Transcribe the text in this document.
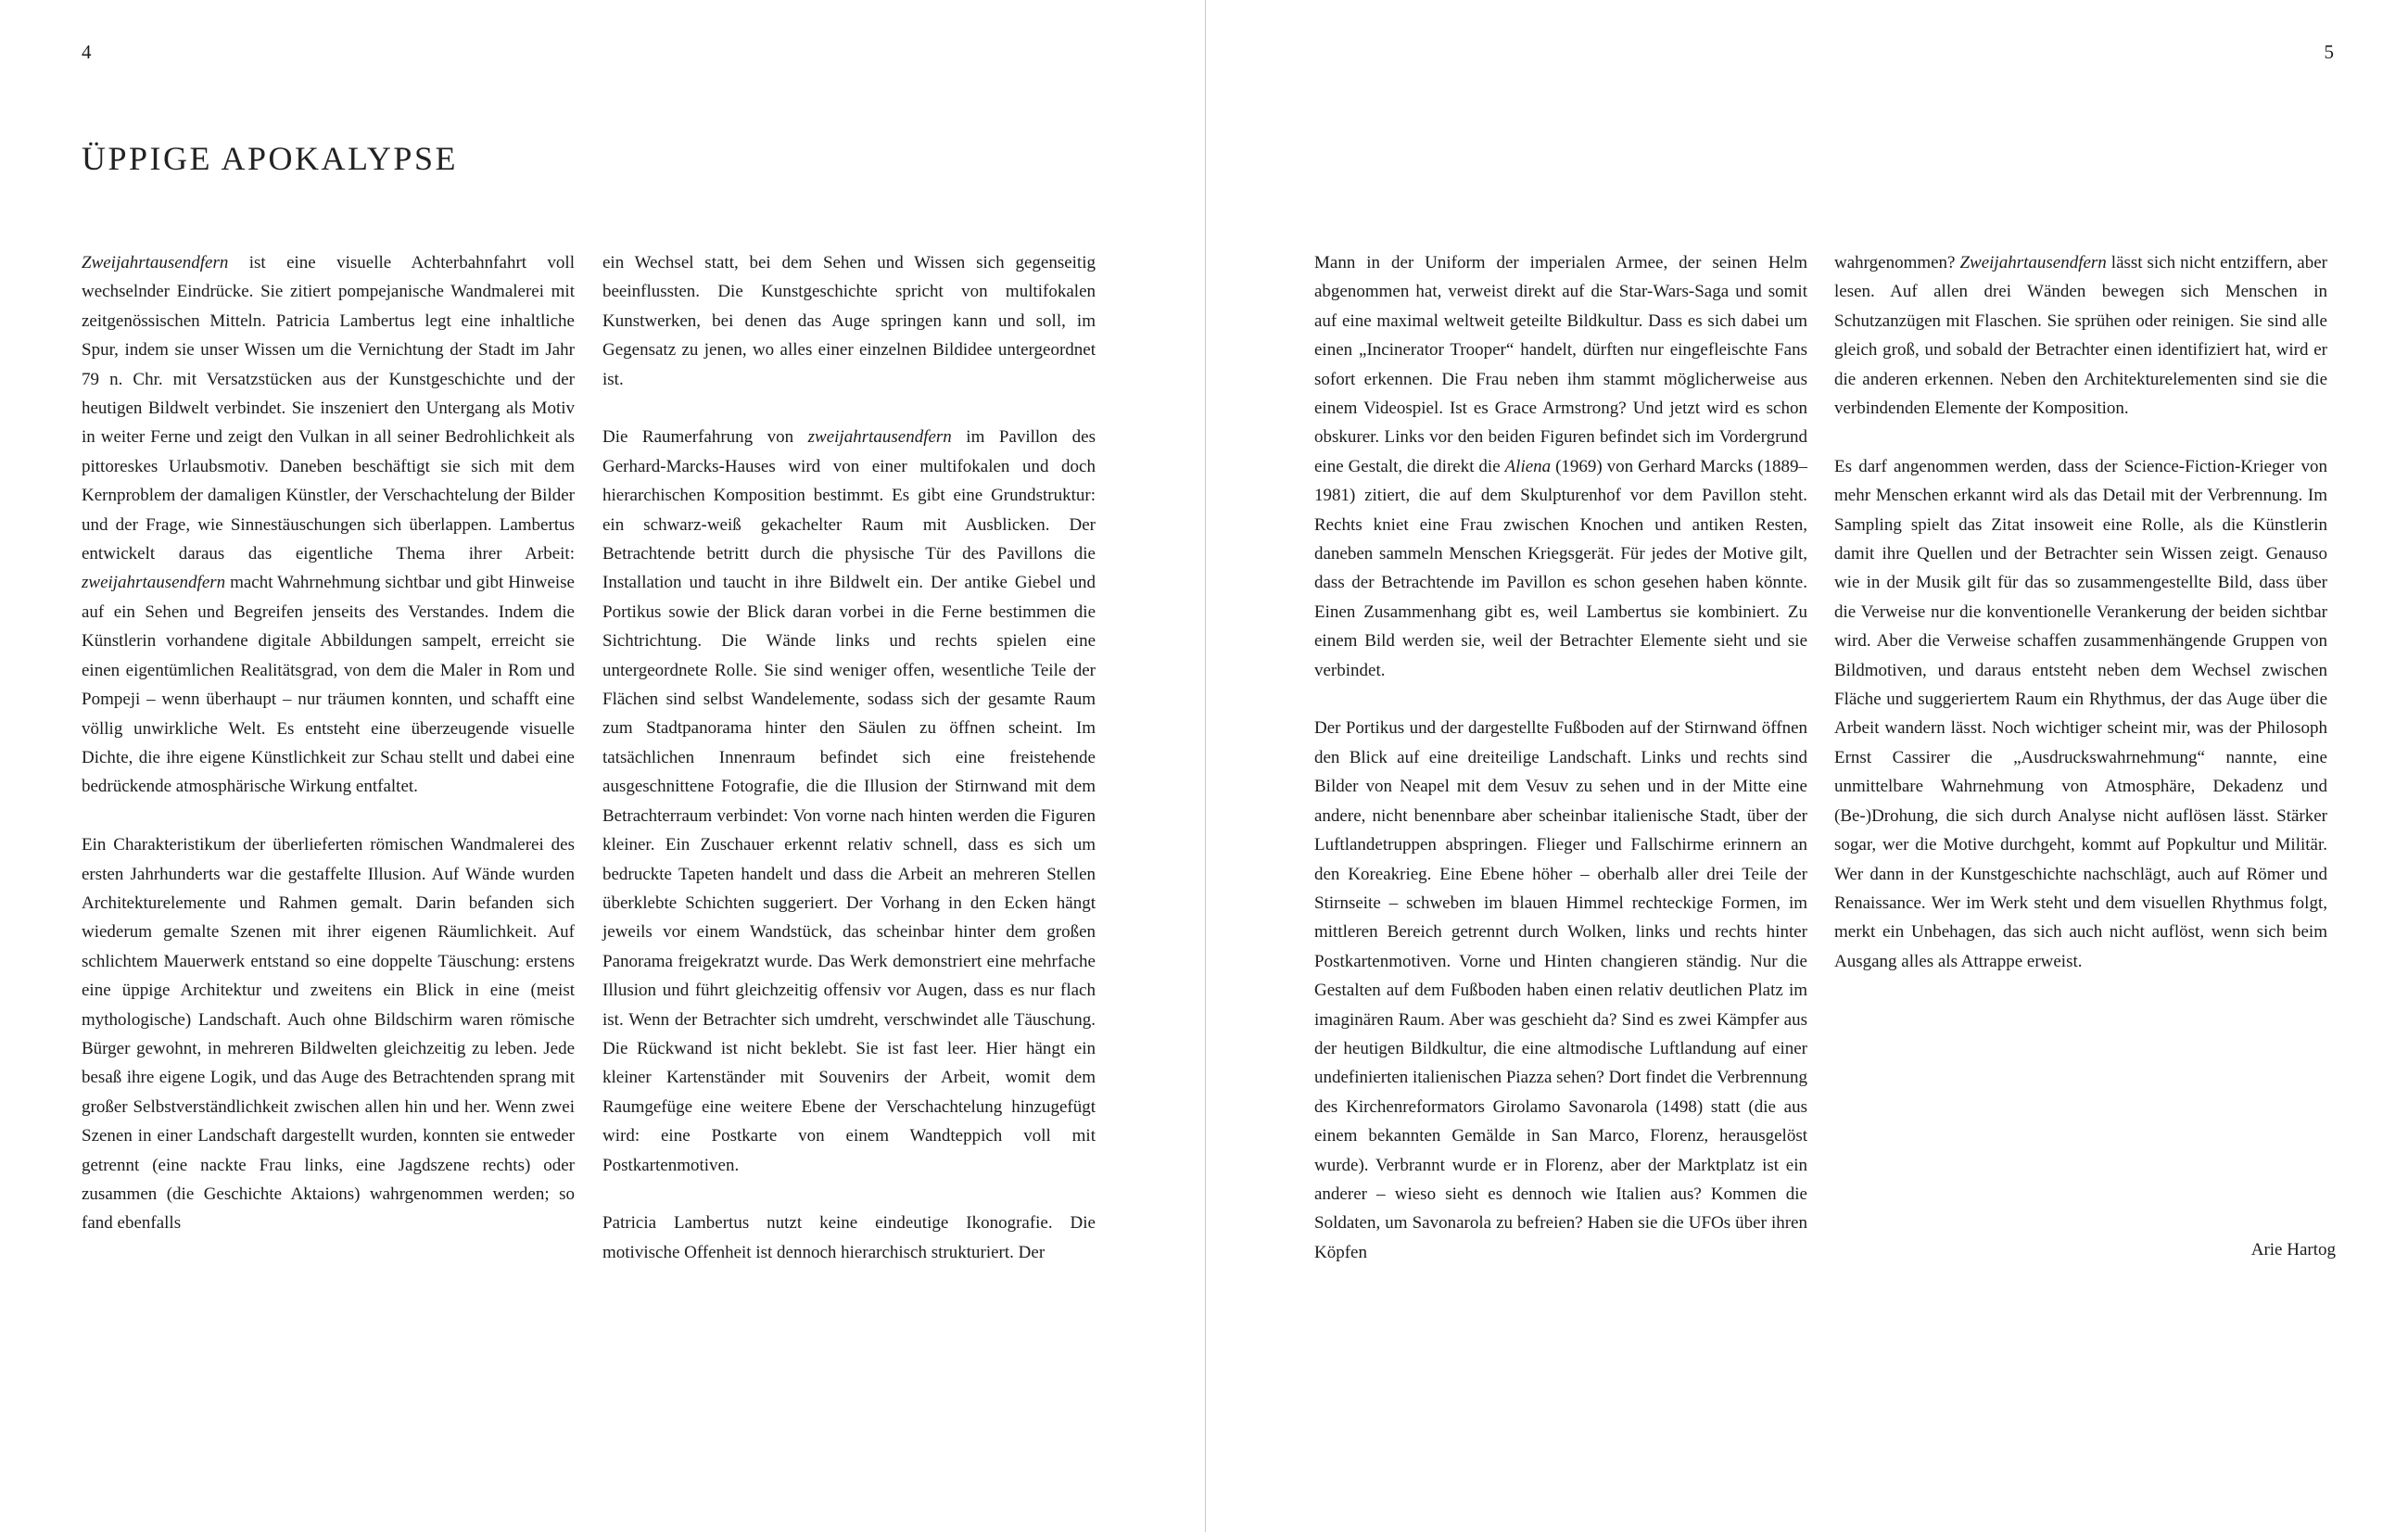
4
ÜPPIGE APOKALYPSE

Zweijahrtausendfern ist eine visuelle Achterbahnfahrt voll wechselnder Eindrücke. Sie zitiert pompejanische Wandmalerei mit zeitgenössischen Mitteln. Patricia Lambertus legt eine inhaltliche Spur, indem sie unser Wissen um die Vernichtung der Stadt im Jahr 79 n. Chr. mit Versatzstücken aus der Kunstgeschichte und der heutigen Bildwelt verbindet. Sie inszeniert den Untergang als Motiv in weiter Ferne und zeigt den Vulkan in all seiner Bedrohlichkeit als pittoreskes Urlaubsmotiv. Daneben beschäftigt sie sich mit dem Kernproblem der damaligen Künstler, der Verschachtelung der Bilder und der Frage, wie Sinnestäuschungen sich überlappen. Lambertus entwickelt daraus das eigentliche Thema ihrer Arbeit: zweijahrtausendfern macht Wahrnehmung sichtbar und gibt Hinweise auf ein Sehen und Begreifen jenseits des Verstandes. Indem die Künstlerin vorhandene digitale Abbildungen sampelt, erreicht sie einen eigentümlichen Realitätsgrad, von dem die Maler in Rom und Pompeji – wenn überhaupt – nur träumen konnten, und schafft eine völlig unwirkliche Welt. Es entsteht eine überzeugende visuelle Dichte, die ihre eigene Künstlichkeit zur Schau stellt und dabei eine bedrückende atmosphärische Wirkung entfaltet.

Ein Charakteristikum der überlieferten römischen Wandmalerei des ersten Jahrhunderts war die gestaffelte Illusion. Auf Wände wurden Architekturelemente und Rahmen gemalt. Darin befanden sich wiederum gemalte Szenen mit ihrer eigenen Räumlichkeit. Auf schlichtem Mauerwerk entstand so eine doppelte Täuschung: erstens eine üppige Architektur und zweitens ein Blick in eine (meist mythologische) Landschaft. Auch ohne Bildschirm waren römische Bürger gewohnt, in mehreren Bildwelten gleichzeitig zu leben. Jede besaß ihre eigene Logik, und das Auge des Betrachtenden sprang mit großer Selbstverständlichkeit zwischen allen hin und her. Wenn zwei Szenen in einer Landschaft dargestellt wurden, konnten sie entweder getrennt (eine nackte Frau links, eine Jagdszene rechts) oder zusammen (die Geschichte Aktaions) wahrgenommen werden; so fand ebenfalls

ein Wechsel statt, bei dem Sehen und Wissen sich gegenseitig beeinflussten. Die Kunstgeschichte spricht von multifokalen Kunstwerken, bei denen das Auge springen kann und soll, im Gegensatz zu jenen, wo alles einer einzelnen Bildidee untergeordnet ist.

Die Raumerfahrung von zweijahrtausendfern im Pavillon des Gerhard-Marcks-Hauses wird von einer multifokalen und doch hierarchischen Komposition bestimmt. Es gibt eine Grundstruktur: ein schwarz-weiß gekachelter Raum mit Ausblicken. Der Betrachtende betritt durch die physische Tür des Pavillons die Installation und taucht in ihre Bildwelt ein. Der antike Giebel und Portikus sowie der Blick daran vorbei in die Ferne bestimmen die Sichtrichtung. Die Wände links und rechts spielen eine untergeordnete Rolle. Sie sind weniger offen, wesentliche Teile der Flächen sind selbst Wandelemente, sodass sich der gesamte Raum zum Stadtpanorama hinter den Säulen zu öffnen scheint. Im tatsächlichen Innenraum befindet sich eine freistehende ausgeschnittene Fotografie, die die Illusion der Stirnwand mit dem Betrachterraum verbindet: Von vorne nach hinten werden die Figuren kleiner. Ein Zuschauer erkennt relativ schnell, dass es sich um bedruckte Tapeten handelt und dass die Arbeit an mehreren Stellen überklebte Schichten suggeriert. Der Vorhang in den Ecken hängt jeweils vor einem Wandstück, das scheinbar hinter dem großen Panorama freigekratzt wurde. Das Werk demonstriert eine mehrfache Illusion und führt gleichzeitig offensiv vor Augen, dass es nur flach ist. Wenn der Betrachter sich umdreht, verschwindet alle Täuschung. Die Rückwand ist nicht beklebt. Sie ist fast leer. Hier hängt ein kleiner Kartenständer mit Souvenirs der Arbeit, womit dem Raumgefüge eine weitere Ebene der Verschachtelung hinzugefügt wird: eine Postkarte von einem Wandteppich voll mit Postkartenmotiven.

Patricia Lambertus nutzt keine eindeutige Ikonografie. Die motivische Offenheit ist dennoch hierarchisch strukturiert. Der

5

Mann in der Uniform der imperialen Armee, der seinen Helm abgenommen hat, verweist direkt auf die Star-Wars-Saga und somit auf eine maximal weltweit geteilte Bildkultur. Dass es sich dabei um einen „Incinerator Trooper“ handelt, dürften nur eingefleischte Fans sofort erkennen. Die Frau neben ihm stammt möglicherweise aus einem Videospiel. Ist es Grace Armstrong? Und jetzt wird es schon obskurer. Links vor den beiden Figuren befindet sich im Vordergrund eine Gestalt, die direkt die Aliena (1969) von Gerhard Marcks (1889–1981) zitiert, die auf dem Skulpturenhof vor dem Pavillon steht. Rechts kniet eine Frau zwischen Knochen und antiken Resten, daneben sammeln Menschen Kriegsgerät. Für jedes der Motive gilt, dass der Betrachtende im Pavillon es schon gesehen haben könnte. Einen Zusammenhang gibt es, weil Lambertus sie kombiniert. Zu einem Bild werden sie, weil der Betrachter Elemente sieht und sie verbindet.

Der Portikus und der dargestellte Fußboden auf der Stirnwand öffnen den Blick auf eine dreiteilige Landschaft. Links und rechts sind Bilder von Neapel mit dem Vesuv zu sehen und in der Mitte eine andere, nicht benennbare aber scheinbar italienische Stadt, über der Luftlandetruppen abspringen. Flieger und Fallschirme erinnern an den Koreakrieg. Eine Ebene höher – oberhalb aller drei Teile der Stirnseite – schweben im blauen Himmel rechteckige Formen, im mittleren Bereich getrennt durch Wolken, links und rechts hinter Postkartenmotiven. Vorne und Hinten changieren ständig. Nur die Gestalten auf dem Fußboden haben einen relativ deutlichen Platz im imaginären Raum. Aber was geschieht da? Sind es zwei Kämpfer aus der heutigen Bildkultur, die eine altmodische Luftlandung auf einer undefinierten italienischen Piazza sehen? Dort findet die Verbrennung des Kirchenreformators Girolamo Savonarola (1498) statt (die aus einem bekannten Gemälde in San Marco, Florenz, herausgelöst wurde). Verbrannt wurde er in Florenz, aber der Marktplatz ist ein anderer – wieso sieht es dennoch wie Italien aus? Kommen die Soldaten, um Savonarola zu befreien? Haben sie die UFOs über ihren Köpfen

wahrgenommen? Zweijahrtausendfern lässt sich nicht entziffern, aber lesen. Auf allen drei Wänden bewegen sich Menschen in Schutzanzügen mit Flaschen. Sie sprühen oder reinigen. Sie sind alle gleich groß, und sobald der Betrachter einen identifiziert hat, wird er die anderen erkennen. Neben den Architekturelementen sind sie die verbindenden Elemente der Komposition.

Es darf angenommen werden, dass der Science-Fiction-Krieger von mehr Menschen erkannt wird als das Detail mit der Verbrennung. Im Sampling spielt das Zitat insoweit eine Rolle, als die Künstlerin damit ihre Quellen und der Betrachter sein Wissen zeigt. Genauso wie in der Musik gilt für das so zusammengestellte Bild, dass über die Verweise nur die konventionelle Verankerung der beiden sichtbar wird. Aber die Verweise schaffen zusammenhängende Gruppen von Bildmotiven, und daraus entsteht neben dem Wechsel zwischen Fläche und suggeriertem Raum ein Rhythmus, der das Auge über die Arbeit wandern lässt. Noch wichtiger scheint mir, was der Philosoph Ernst Cassirer die „Ausdruckswahrnehmung“ nannte, eine unmittelbare Wahrnehmung von Atmosphäre, Dekadenz und (Be-)Drohung, die sich durch Analyse nicht auflösen lässt. Stärker sogar, wer die Motive durchgeht, kommt auf Popkultur und Militär. Wer dann in der Kunstgeschichte nachschlägt, auch auf Römer und Renaissance. Wer im Werk steht und dem visuellen Rhythmus folgt, merkt ein Unbehagen, das sich auch nicht auflöst, wenn sich beim Ausgang alles als Attrappe erweist.

Arie Hartog
